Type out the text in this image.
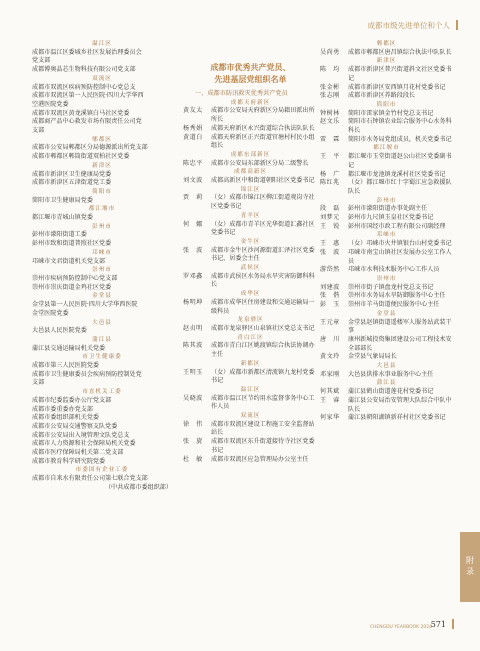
成都市级先进单位和个人
温江区
成都市温江区委城乡社区发展治理委员会
党支部
成都博奥晶芯生物科技有限公司党支部
双流区
成都市双流区疾病预防控制中心党总支
成都市双流区第一人民医院·四川大学华西
空港医院党委
成都市双流区黄龙溪镇白马社区党委
成都商产品中心救发市场有限责任公司党
支部
郫都区
成都市公安局郫都区分局德源派出所党支部
成都市郫都区郫筒街道双柏社区党委
新津区
成都市新津区卫生健康局党委
成都市新津区五津街道党工委
简阳市
简阳市卫生健康局党委
都江堰市
都江堰市青城山镇党委
彭州市
彭州市濛阳街道工委
彭州市致和街道普照社区党委
邛崃市
邛崃市文君街道机关党支部
崇州市
崇州市疾病预防控制中心党支部
崇州市崇庆街道金鸡社区党委
金堂县
金堂县第一人民医院·四川大学华西医院
金堂医院党委
大邑县
大邑县人民医院党委
蒲江县
蒲江县交通运输局机关党委
市卫生健康委
成都市第三人民医院党委
成都市卫生健康委员会疾病预防控制处党
支部
市直机关工委
成都市纪委监委办公厅党支部
成都市委重委办党支部
成都市委组织部机关党委
成都市公安局交通警察支队党委
成都市公安局出入境管理文队党总支
成都市人力资源和社会保障局机关党委
成都市医疗保障局机关第二党支部
成都市教育科学研究院党委
市委国有企业工委
成都市自来水有限责任公司第七联合党支部
（中共成都市委组织部）
成都市优秀共产党员、
先进基层党组织名单
一、成都市防汛救灾优秀共产党员
成都天府新区
黄友太	成都市公安局天府新区分局籍田派出所所长
杨秀娟	成都天府新区永兴街道综合执法队队长
黄道白	成都天府新区正兴街道官塘村村民小组组长
成都东部新区
陈忠平	成都市公安局东部新区分局二级警长
成都高新区
刘文波	成都高新区中和街道朝阳社区党委书记
锦江区
贾　莉	（女）成都市锦江区柳江街道观岗寺社区党委书记
青羊区
何　娜	（女）成都市青羊区光华街道汇鑫社区党委书记
金牛区
张　波	成都市金牛区沙河源街道汇泽社区党委书记、居委会主任
武侯区
罗邓鑫	成都市武侯区水务局水旱灾害防御科科长
成华区
杨明坤	成都市成华区住房建设和交通运输局一级科员
龙泉驿区
赵贞明	成都市龙泉驿区山泉镇社区党总支书记
青白江区
陈其波	成都市青白江区姚渡镇综合执法协调办主任
新都区
王明玉	（女）成都市新都区清流镇九龙村党委书记
温江区
吴晓波	成都市温江区节约用水监督事务中心工作人员
双流区
徐　伟	成都市双流区建设工程施工安全监督站站长
张　旋	成都市双流区东升街道接待寺社区党委书记
杜　敏	成都市双流区应急管理局办公室主任
郫都区
吴尚勇	成都市郫都区唐昌镇综合执法中队队长
新津区
陈　均	成都市新津区普兴街道斜文社区党委书记
张金彬	成都市新津区安西镇月花村党委书记
张志刚	成都市新津区养路段段长
简阳市
钟树林	简阳市雷家镇金竹村党总支书记
赵文乐	简阳市石钟镇农业综合服务中心水务科科长
雷　霖	简阳市水务局党组成员，机关党委书记
都江堰市
王　平	都江堰市玉堂街道赵公山社区党委副书记
杨　广	都江堰市龙池镇龙溪村社区党委书记
陈红兆	（女）都江堰市红十字蜀江应急救援队队长
彭州市
段　磊	彭州市濛阳街道办事处副主任
刘梦元	彭州市九尺镇玉皇社区党委书记
王　锐	彭州市国经市政工程有限公司副经理
邛崃市
王　惠	（女）邛崃市火井镇银台山村党委书记
张　波	邛崃市南宝山镇社区发展办公室工作人员
游岱然	邛崃市水利技术服务中心工作人员
崇州市
刘建波	崇州市街子镇盘龙村党总支书记
张　偕	崇州市水务局水旱防御服务中心主任
彭　玉	崇州市羊马街道便民服务中心主任
金堂县
王元章	金堂县赵镇街道遥楼军人服务站武装干事
唐　川	康州新城投资集团建设公司工程技术安全部部长
黄文玲	金堂县气象局局长
大邑县
邓家刚	大邑县供排水事业服务中心主任
蒲江县
何其斌	蒲江县鹤山街道莲花村党委书记
王　睿	蒲江县公安局治安管理大队综合中队中队长
何家华	蒲江县朝阳湖镇新祥村社区党委书记
附录
CHENGDU YEARBOOK 2024
571
